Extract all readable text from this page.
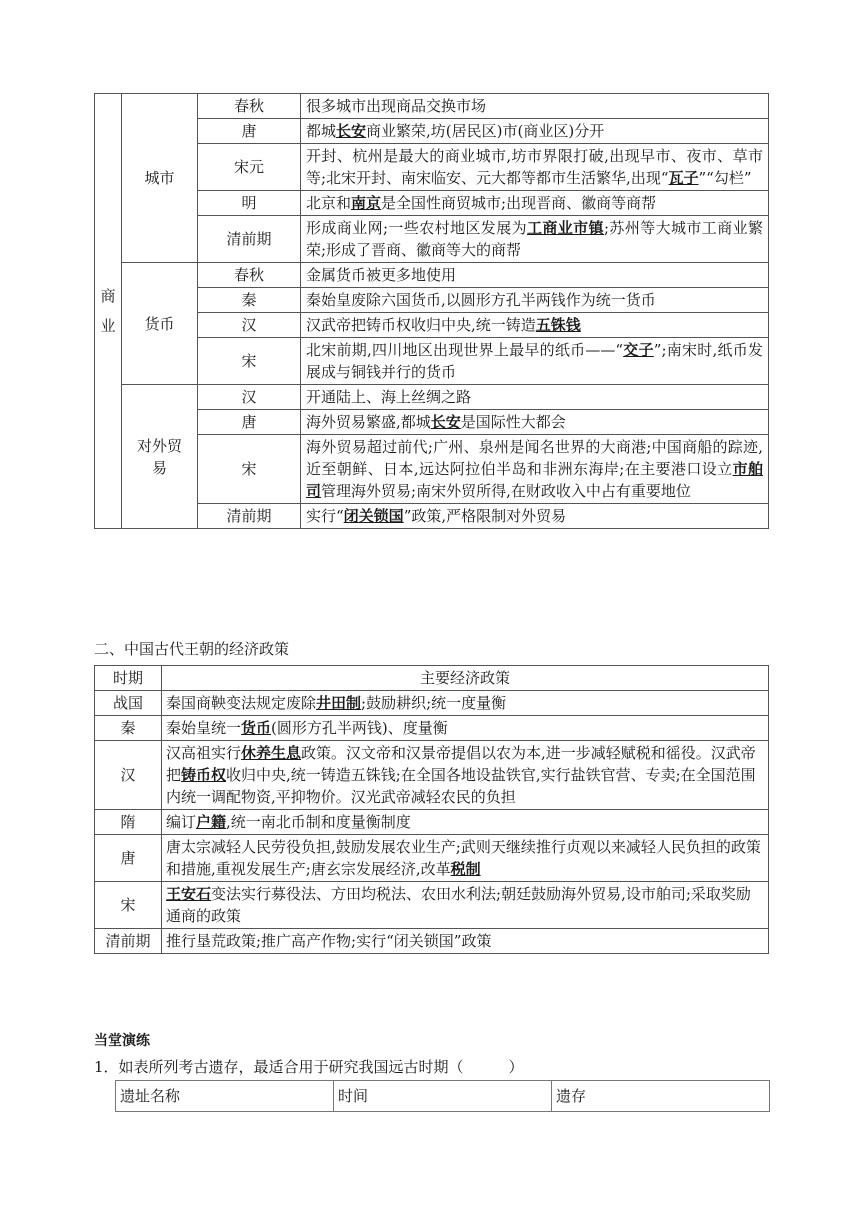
商
业	城市	春秋	很多城市出现商品交换市场
		唐	都城长安商业繁荣,坊(居民区)市(商业区)分开
		宋元	开封、杭州是最大的商业城市,坊市界限打破,出现早市、夜市、草市等;北宋开封、南宋临安、元大都等都市生活繁华,出现“瓦子”“勾栏”
		明	北京和南京是全国性商贸城市;出现晋商、徽商等商帮
		清前期	形成商业网;一些农村地区发展为工商业市镇;苏州等大城市工商业繁荣;形成了晋商、徽商等大的商帮
	货币	春秋	金属货币被更多地使用
		秦	秦始皇废除六国货币,以圆形方孔半两钱作为统一货币
		汉	汉武帝把铸币权收归中央,统一铸造五铢钱
		宋	北宋前期,四川地区出现世界上最早的纸币——“交子”;南宋时,纸币发展成与铜钱并行的货币
	对外贸易	汉	开通陆上、海上丝绸之路
		唐	海外贸易繁盛,都城长安是国际性大都会
		宋	海外贸易超过前代;广州、泉州是闻名世界的大商港;中国商船的踪迹,近至朝鲜、日本,远达阿拉伯半岛和非洲东海岸;在主要港口设立市舶司管理海外贸易;南宋外贸所得,在财政收入中占有重要地位
		清前期	实行“闭关锁国”政策,严格限制对外贸易
二、中国古代王朝的经济政策
时期	主要经济政策
战国	秦国商鞅变法规定废除井田制;鼓励耕织;统一度量衡
秦	秦始皇统一货币(圆形方孔半两钱)、度量衡
汉	汉高祖实行休养生息政策。汉文帝和汉景帝提倡以农为本,进一步减轻赋税和徭役。汉武帝把铸币权收归中央,统一铸造五铢钱;在全国各地设盐铁官,实行盐铁官营、专卖;在全国范围内统一调配物资,平抑物价。汉光武帝减轻农民的负担
隋	编订户籍,统一南北币制和度量衡制度
唐	唐太宗减轻人民劳役负担,鼓励发展农业生产;武则天继续推行贞观以来减轻人民负担的政策和措施,重视发展生产;唐玄宗发展经济,改革税制
宋	王安石变法实行募役法、方田均税法、农田水利法;朝廷鼓励海外贸易,设市舶司;采取奖励通商的政策
清前期	推行垦荒政策;推广高产作物;实行“闭关锁国”政策
当堂演练
1．如表所列考古遗存，最适合用于研究我国远古时期（　　　）
遗址名称	时间	遗存
